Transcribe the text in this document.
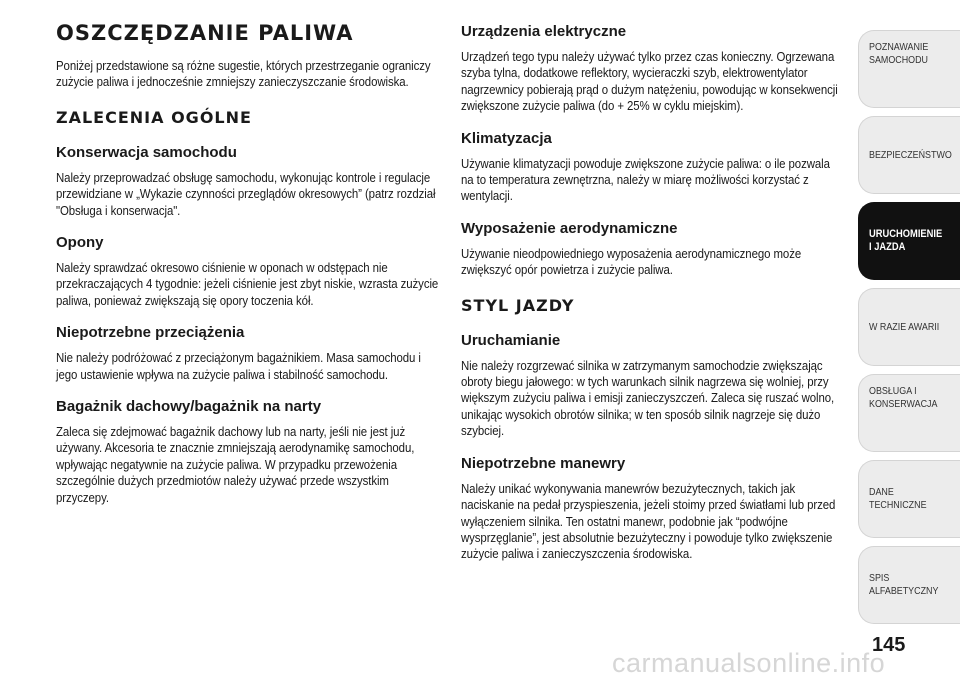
OSZCZĘDZANIE PALIWA

Poniżej przedstawione są różne sugestie, których przestrzeganie ograniczy zużycie paliwa i jednocześnie zmniejszy zanieczyszczanie środowiska.

ZALECENIA OGÓLNE
Konserwacja samochodu

Należy przeprowadzać obsługę samochodu, wykonując kontrole i regulacje przewidziane w „Wykazie czynności przeglądów okresowych” (patrz rozdział "Obsługa i konserwacja".

Opony

Należy sprawdzać okresowo ciśnienie w oponach w odstępach nie przekraczających 4 tygodnie: jeżeli ciśnienie jest zbyt niskie, wzrasta zużycie paliwa, ponieważ zwiększają się opory toczenia kół.

Niepotrzebne przeciążenia

Nie należy podróżować z przeciążonym bagażnikiem. Masa samochodu i jego ustawienie wpływa na zużycie paliwa i stabilność samochodu.

Bagażnik dachowy/bagażnik na narty

Zaleca się zdejmować bagażnik dachowy lub na narty, jeśli nie jest już używany. Akcesoria te znacznie zmniejszają aerodynamikę samochodu, wpływając negatywnie na zużycie paliwa. W przypadku przewożenia szczególnie dużych przedmiotów należy używać przede wszystkim przyczepy.

Urządzenia elektryczne

Urządzeń tego typu należy używać tylko przez czas konieczny. Ogrzewana szyba tylna, dodatkowe reflektory, wycieraczki szyb, elektrowentylator nagrzewnicy pobierają prąd o dużym natężeniu, powodując w konsekwencji zwiększone zużycie paliwa (do + 25% w cyklu miejskim).

Klimatyzacja

Używanie klimatyzacji powoduje zwiększone zużycie paliwa: o ile pozwala na to temperatura zewnętrzna, należy w miarę możliwości korzystać z wentylacji.

Wyposażenie aerodynamiczne

Używanie nieodpowiedniego wyposażenia aerodynamicznego może zwiększyć opór powietrza i zużycie paliwa.

STYL JAZDY
Uruchamianie

Nie należy rozgrzewać silnika w zatrzymanym samochodzie zwiększając obroty biegu jałowego: w tych warunkach silnik nagrzewa się wolniej, przy większym zużyciu paliwa i emisji zanieczyszczeń. Zaleca się ruszać wolno, unikając wysokich obrotów silnika; w ten sposób silnik nagrzeje się dużo szybciej.

Niepotrzebne manewry

Należy unikać wykonywania manewrów bezużytecznych, takich jak naciskanie na pedał przyspieszenia, jeżeli stoimy przed światłami lub przed wyłączeniem silnika. Ten ostatni manewr, podobnie jak “podwójne wysprzęglanie”, jest absolutnie bezużyteczny i powoduje tylko zwiększenie zużycie paliwa i zanieczyszczenia środowiska.

POZNAWANIE SAMOCHODU
BEZPIECZEŃSTWO
URUCHOMIENIE I JAZDA
W RAZIE AWARII
OBSŁUGA I KONSERWACJA
DANE TECHNICZNE
SPIS ALFABETYCZNY
145
carmanualsonline.info
